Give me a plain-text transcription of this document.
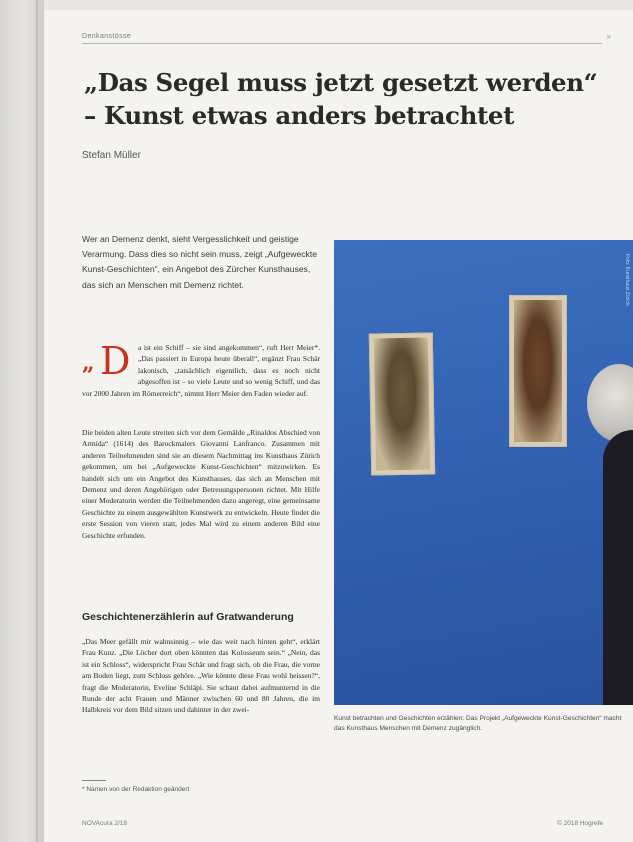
Denkanstösse	»
„Das Segel muss jetzt gesetzt werden“
– Kunst etwas anders betrachtet
Stefan Müller
Wer an Demenz denkt, sieht Vergesslichkeit und geistige Verarmung. Dass dies so nicht sein muss, zeigt „Aufgeweckte Kunst-Geschichten“, ein Angebot des Zürcher Kunsthauses, das sich an Menschen mit Demenz richtet.
„ D a ist ein Schiff – sie sind angekommen“, ruft Herr Meier*. „Das passiert in Europa heute überall“, ergänzt Frau Schär lakonisch, „tatsächlich eigentlich, dass es noch nicht abgesoffen ist – so viele Leute und so wenig Schiff, und das vor 2000 Jahren im Römerreich“, nimmt Herr Meier den Faden wieder auf.
Die beiden alten Leute streiten sich vor dem Gemälde „Rinaldos Abschied von Armida“ (1614) des Barockmalers Giovanni Lanfranco. Zusammen mit anderen Teilnehmenden sind sie an diesem Nachmittag ins Kunsthaus Zürich gekommen, um bei „Aufgeweckte Kunst-Geschichten“ mitzuwirken. Es handelt sich um ein Angebot des Kunsthauses, das sich an Menschen mit Demenz und deren Angehörigen oder Betreuungspersonen richtet. Mit Hilfe einer Moderatorin werden die Teilnehmenden dazu angeregt, eine gemeinsame Geschichte zu einem ausgewählten Kunstwerk zu entwickeln. Heute findet die erste Session von vieren statt, jedes Mal wird zu einem anderen Bild eine Geschichte erfunden.
Geschichtenerzählerin auf Gratwanderung
„Das Meer gefällt mir wahnsinnig – wie das weit nach hinten geht“, erklärt Frau Kunz. „Die Löcher dort oben könnten das Kolosseum sein.“ „Nein, das ist ein Schloss“, widerspricht Frau Schär und fragt sich, ob die Frau, die vorne am Boden liegt, zum Schloss gehöre. „Wie könnte diese Frau wohl heissen?“, fragt die Moderatorin, Eveline Schläpi. Sie schaut dabei aufmunternd in die Runde der acht Frauen und Männer zwischen 60 und 80 Jahren, die im Halbkreis vor dem Bild sitzen und dahinter in der zwei-
Foto: Kunsthaus Zürich
Kunst betrachten und Geschichten erzählen: Das Projekt „Aufgeweckte Kunst-Geschichten“ macht das Kunsthaus Menschen mit Demenz zugänglich.
* Namen von der Redaktion geändert
NOVAcura 2/18	© 2018 Hogrefe
